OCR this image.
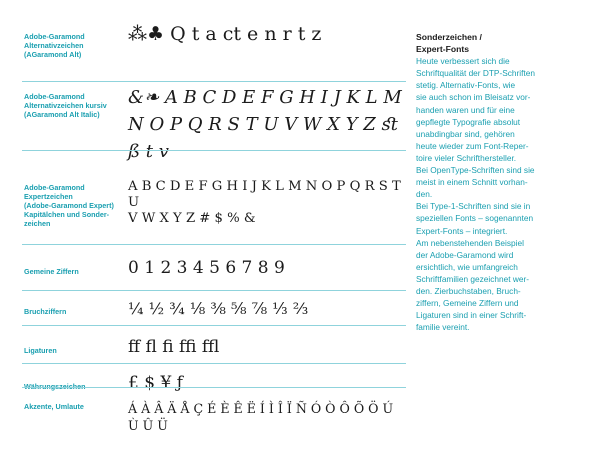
Adobe-Garamond
Alternativzeichen
(AGaramond Alt)
⁂♣ Q t a ct e n r t z
Adobe-Garamond
Alternativzeichen kursiv
(AGaramond Alt Italic)
&❧ A B C D E F G H I J K L M
N O P Q R S T U V W X Y Z ﬆ ß t v
Adobe-Garamond
Expertzeichen
(Adobe-Garamond Expert)
Kapitälchen und Sonder-
zeichen
A B C D E F G H I J K L M N O P Q R S T U
V W X Y Z # $ % &
Gemeine Ziffern	0 1 2 3 4 5 6 7 8 9
Bruchziffern	¼ ½ ¾ ⅛ ⅜ ⅝ ⅞ ⅓ ⅔
Ligaturen	ﬀ ﬂ ﬁ ﬃ ﬄ
Währungszeichen	£ $ ¥ ƒ
Akzente, Umlaute	Á À Â Ä Å Ç É È Ê Ë Í Ì Î Ï Ñ Ó Ò Ô Õ Ö Ú
Ù Û Ü
Sonderzeichen /
Expert-Fonts
Heute verbessert sich die
Schriftqualität der DTP-Schriften
stetig. Alternativ-Fonts, wie
sie auch schon im Bleisatz vor-
handen waren und für eine
gepflegte Typografie absolut
unabdingbar sind, gehören
heute wieder zum Font-Reper-
toire vieler Schrifthersteller.
Bei OpenType-Schriften sind sie
meist in einem Schnitt vorhan-
den.
Bei Type-1-Schriften sind sie in
speziellen Fonts – sogenannten
Expert-Fonts – integriert.
Am nebenstehenden Beispiel
der Adobe-Garamond wird
ersichtlich, wie umfangreich
Schriftfamilien gezeichnet wer-
den. Zierbuchstaben, Bruch-
ziffern, Gemeine Ziffern und
Ligaturen sind in einer Schrift-
familie vereint.
